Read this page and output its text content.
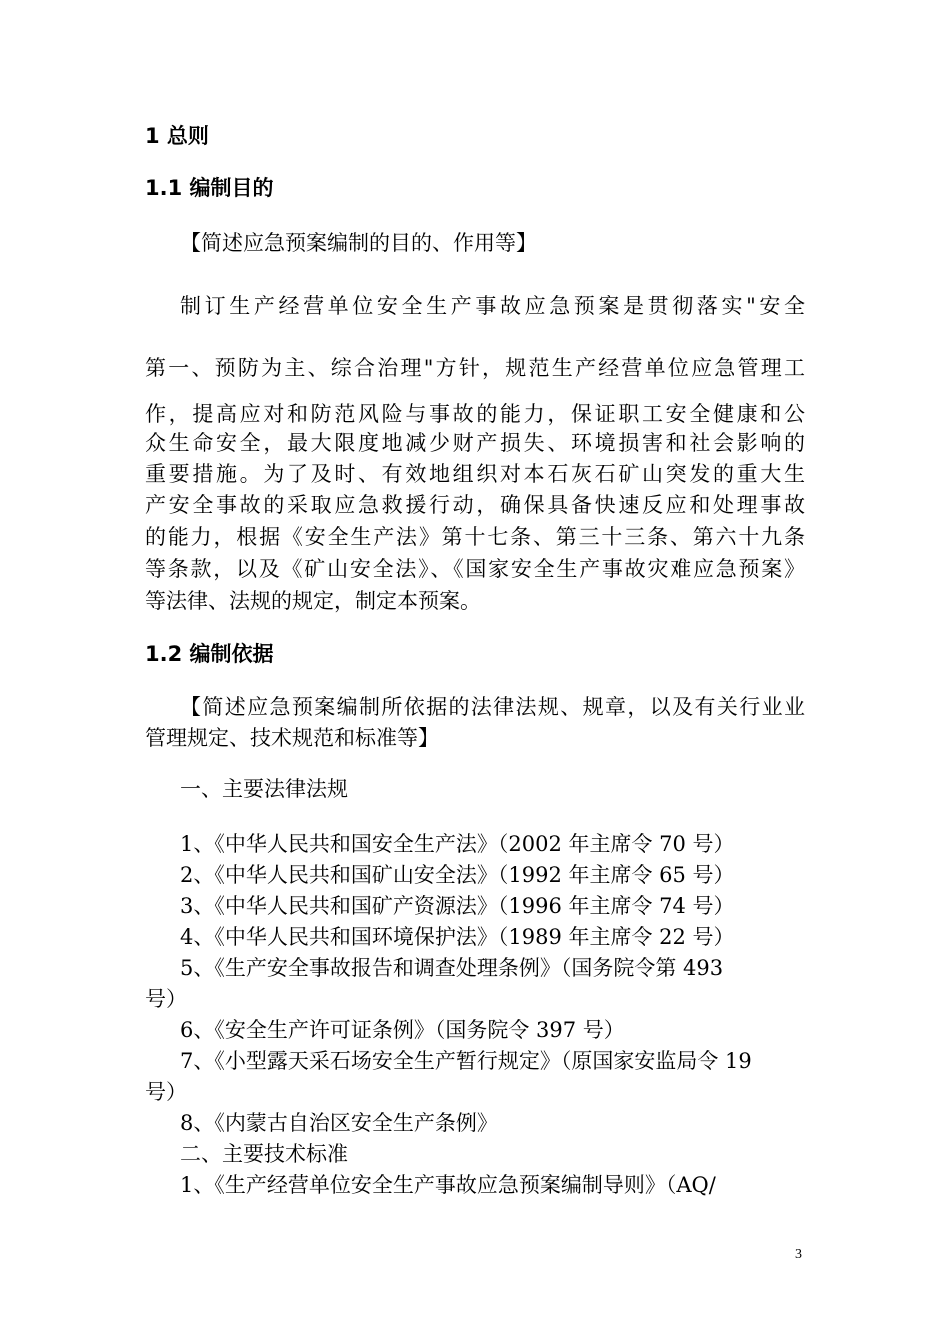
1 总则
1.1 编制目的
【简述应急预案编制的目的、作用等】
制订生产经营单位安全生产事故应急预案是贯彻落实"安全
第一、预防为主、综合治理"方针，规范生产经营单位应急管理工
作，提高应对和防范风险与事故的能力，保证职工安全健康和公
众生命安全，最大限度地减少财产损失、环境损害和社会影响的
重要措施。为了及时、有效地组织对本石灰石矿山突发的重大生
产安全事故的采取应急救援行动，确保具备快速反应和处理事故
的能力，根据《安全生产法》第十七条、第三十三条、第六十九条
等条款，以及《矿山安全法》、《国家安全生产事故灾难应急预案》
等法律、法规的规定，制定本预案。
1.2 编制依据
【简述应急预案编制所依据的法律法规、规章，以及有关行业业
管理规定、技术规范和标准等】
一、主要法律法规
1、《中华人民共和国安全生产法》（2002 年主席令 70 号）
2、《中华人民共和国矿山安全法》（1992 年主席令 65 号）
3、《中华人民共和国矿产资源法》（1996 年主席令 74 号）
4、《中华人民共和国环境保护法》（1989 年主席令 22 号）
5、《生产安全事故报告和调查处理条例》（国务院令第 493
号）
6、《安全生产许可证条例》（国务院令 397 号）
7、《小型露天采石场安全生产暂行规定》（原国家安监局令 19
号）
8、《内蒙古自治区安全生产条例》
二、主要技术标准
1、《生产经营单位安全生产事故应急预案编制导则》（AQ/
3
